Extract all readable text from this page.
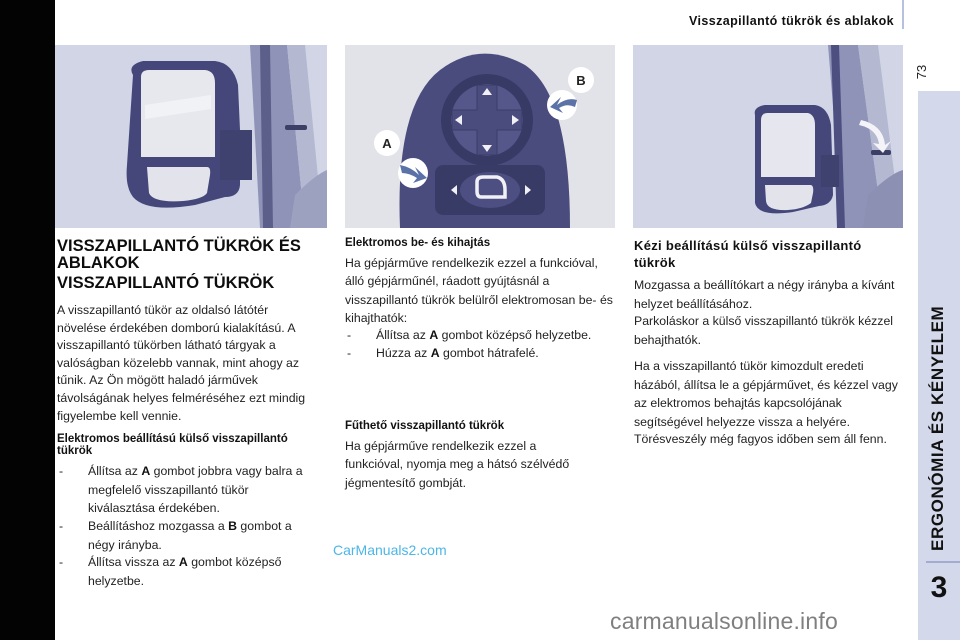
Visszapillantó tükrök és ablakok
73
ERGONÓMIA ÉS KÉNYELEM
3
B
A
VISSZAPILLANTÓ TÜKRÖK ÉS ABLAKOK
VISSZAPILLANTÓ TÜKRÖK
A visszapillantó tükör az oldalsó látótér növelése érdekében domború kialakítású. A visszapillantó tükörben látható tárgyak a valóságban közelebb vannak, mint ahogy az tűnik. Az Ön mögött haladó járművek távolságának helyes felméréséhez ezt mindig figyelembe kell vennie.
Elektromos beállítású külső visszapillantó tükrök
- Állítsa az A gombot jobbra vagy balra a megfelelő visszapillantó tükör kiválasztása érdekében.
- Beállításhoz mozgassa a B gombot a négy irányba.
- Állítsa vissza az A gombot középső helyzetbe.
Elektromos be- és kihajtás
Ha gépjárműve rendelkezik ezzel a funkcióval, álló gépjárműnél, ráadott gyújtásnál a visszapillantó tükrök belülről elektromosan be- és kihajthatók:
- Állítsa az A gombot középső helyzetbe.
- Húzza az A gombot hátrafelé.
Fűthető visszapillantó tükrök
Ha gépjárműve rendelkezik ezzel a funkcióval, nyomja meg a hátsó szélvédő jégmentesítő gombját.
Kézi beállítású külső visszapillantó tükrök
Mozgassa a beállítókart a négy irányba a kívánt helyzet beállításához.
Parkoláskor a külső visszapillantó tükrök kézzel behajthatók.
Ha a visszapillantó tükör kimozdult eredeti házából, állítsa le a gépjárművet, és kézzel vagy az elektromos behajtás kapcsolójának segítségével helyezze vissza a helyére.
Törésveszély még fagyos időben sem áll fenn.
CarManuals2.com
carmanualsonline.info
